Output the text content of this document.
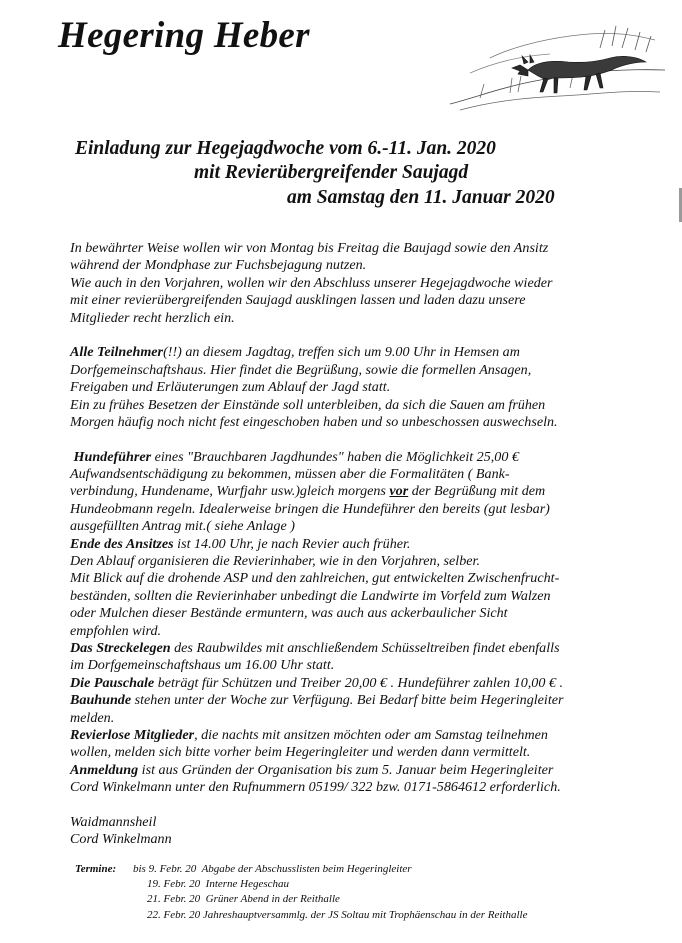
Hegering Heber
Einladung zur Hegejagdwoche vom 6.-11. Jan. 2020
mit Revierübergreifender Saujagd
am Samstag den 11. Januar 2020
In bewährter Weise wollen wir von Montag bis Freitag die Baujagd sowie den Ansitz
während der Mondphase zur Fuchsbejagung nutzen.
Wie auch in den Vorjahren, wollen wir den Abschluss unserer Hegejagdwoche wieder
mit einer revierübergreifenden Saujagd ausklingen lassen und laden dazu unsere
Mitglieder recht herzlich ein.
Alle Teilnehmer(!!) an diesem Jagdtag, treffen sich um 9.00 Uhr in Hemsen am
Dorfgemeinschaftshaus. Hier findet die Begrüßung, sowie die formellen Ansagen,
Freigaben und Erläuterungen zum Ablauf der Jagd statt.
Ein zu frühes Besetzen der Einstände soll unterbleiben, da sich die Sauen am frühen
Morgen häufig noch nicht fest eingeschoben haben und so unbeschossen auswechseln.
Hundeführer eines "Brauchbaren Jagdhundes" haben die Möglichkeit 25,00 €
Aufwandsentschädigung zu bekommen, müssen aber die Formalitäten ( Bank-
verbindung, Hundename, Wurfjahr usw.)gleich morgens vor der Begrüßung mit dem
Hundeobmann regeln. Idealerweise bringen die Hundeführer den bereits (gut lesbar)
ausgefüllten Antrag mit.( siehe Anlage )
Ende des Ansitzes ist 14.00 Uhr, je nach Revier auch früher.
Den Ablauf organisieren die Revierinhaber, wie in den Vorjahren, selber.
Mit Blick auf die drohende ASP und den zahlreichen, gut entwickelten Zwischenfrucht-
beständen, sollten die Revierinhaber unbedingt die Landwirte im Vorfeld zum Walzen
oder Mulchen dieser Bestände ermuntern, was auch aus ackerbaulicher Sicht
empfohlen wird.
Das Streckelegen des Raubwildes mit anschließendem Schüsseltreiben findet ebenfalls
im Dorfgemeinschaftshaus um 16.00 Uhr statt.
Die Pauschale beträgt für Schützen und Treiber 20,00 € . Hundeführer zahlen 10,00 € .
Bauhunde stehen unter der Woche zur Verfügung. Bei Bedarf bitte beim Hegeringleiter
melden.
Revierlose Mitglieder, die nachts mit ansitzen möchten oder am Samstag teilnehmen
wollen, melden sich bitte vorher beim Hegeringleiter und werden dann vermittelt.
Anmeldung ist aus Gründen der Organisation bis zum 5. Januar beim Hegeringleiter
Cord Winkelmann unter den Rufnummern 05199/ 322 bzw. 0171-5864612 erforderlich.
Waidmannsheil
Cord Winkelmann
Termine: bis 9. Febr. 20 Abgabe der Abschusslisten beim Hegeringleiter
19. Febr. 20 Interne Hegeschau
21. Febr. 20 Grüner Abend in der Reithalle
22. Febr. 20 Jahreshauptversammlg. der JS Soltau mit Trophäenschau in der Reithalle
